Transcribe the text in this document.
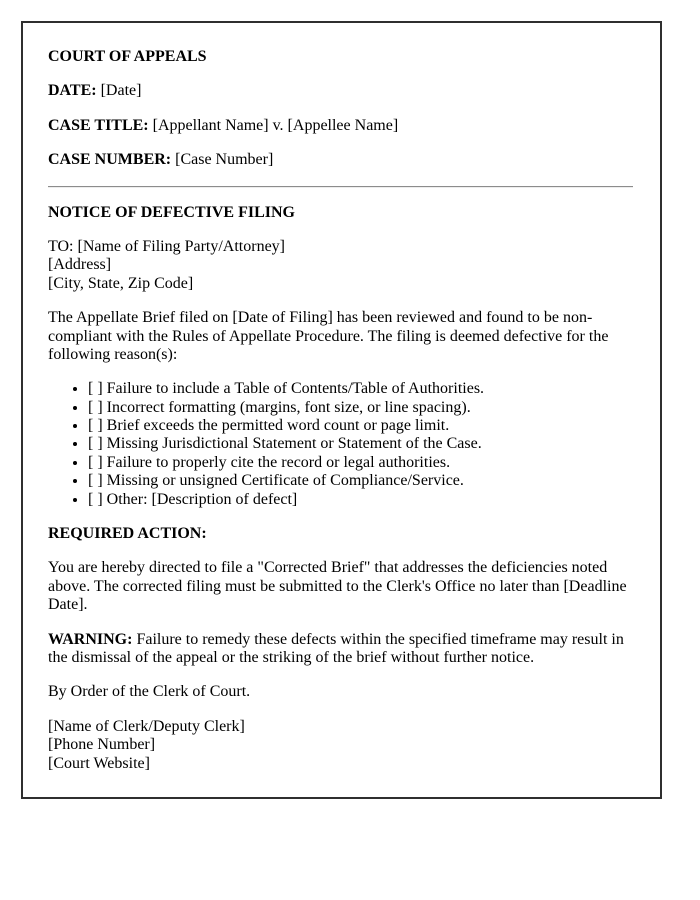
COURT OF APPEALS

DATE: [Date]

CASE TITLE: [Appellant Name] v. [Appellee Name]

CASE NUMBER: [Case Number]

NOTICE OF DEFECTIVE FILING

TO: [Name of Filing Party/Attorney]
[Address]
[City, State, Zip Code]

The Appellate Brief filed on [Date of Filing] has been reviewed and found to be non-compliant with the Rules of Appellate Procedure. The filing is deemed defective for the following reason(s):

• [ ] Failure to include a Table of Contents/Table of Authorities.
• [ ] Incorrect formatting (margins, font size, or line spacing).
• [ ] Brief exceeds the permitted word count or page limit.
• [ ] Missing Jurisdictional Statement or Statement of the Case.
• [ ] Failure to properly cite the record or legal authorities.
• [ ] Missing or unsigned Certificate of Compliance/Service.
• [ ] Other: [Description of defect]

REQUIRED ACTION:

You are hereby directed to file a "Corrected Brief" that addresses the deficiencies noted above. The corrected filing must be submitted to the Clerk's Office no later than [Deadline Date].

WARNING: Failure to remedy these defects within the specified timeframe may result in the dismissal of the appeal or the striking of the brief without further notice.

By Order of the Clerk of Court.

[Name of Clerk/Deputy Clerk]
[Phone Number]
[Court Website]
